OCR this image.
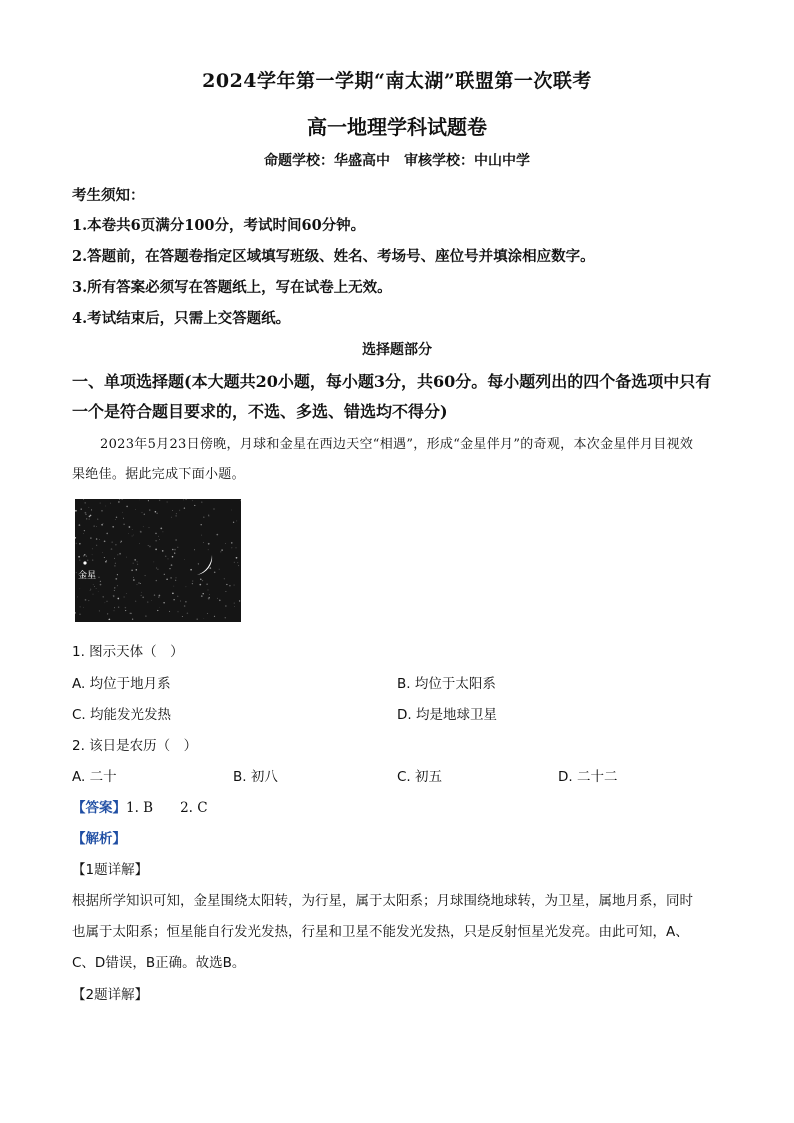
2024学年第一学期“南太湖”联盟第一次联考
高一地理学科试题卷
命题学校：华盛高中　审核学校：中山中学
考生须知：
1.本卷共6页满分100分，考试时间60分钟。
2.答题前，在答题卷指定区域填写班级、姓名、考场号、座位号并填涂相应数字。
3.所有答案必须写在答题纸上，写在试卷上无效。
4.考试结束后，只需上交答题纸。
选择题部分
一、单项选择题(本大题共20小题，每小题3分，共60分。每小题列出的四个备选项中只有
一个是符合题目要求的，不选、多选、错选均不得分)
2023年5月23日傍晚，月球和金星在西边天空“相遇”，形成“金星伴月”的奇观，本次金星伴月目视效
果绝佳。据此完成下面小题。
金星
1. 图示天体（　）
A. 均位于地月系	B. 均位于太阳系
C. 均能发光发热	D. 均是地球卫星
2. 该日是农历（　）
A. 二十	B. 初八	C. 初五	D. 二十二
【答案】1. B　　2. C
【解析】
【1题详解】
根据所学知识可知，金星围绕太阳转，为行星，属于太阳系；月球围绕地球转，为卫星，属地月系，同时
也属于太阳系；恒星能自行发光发热，行星和卫星不能发光发热，只是反射恒星光发亮。由此可知，A、
C、D错误，B正确。故选B。
【2题详解】
